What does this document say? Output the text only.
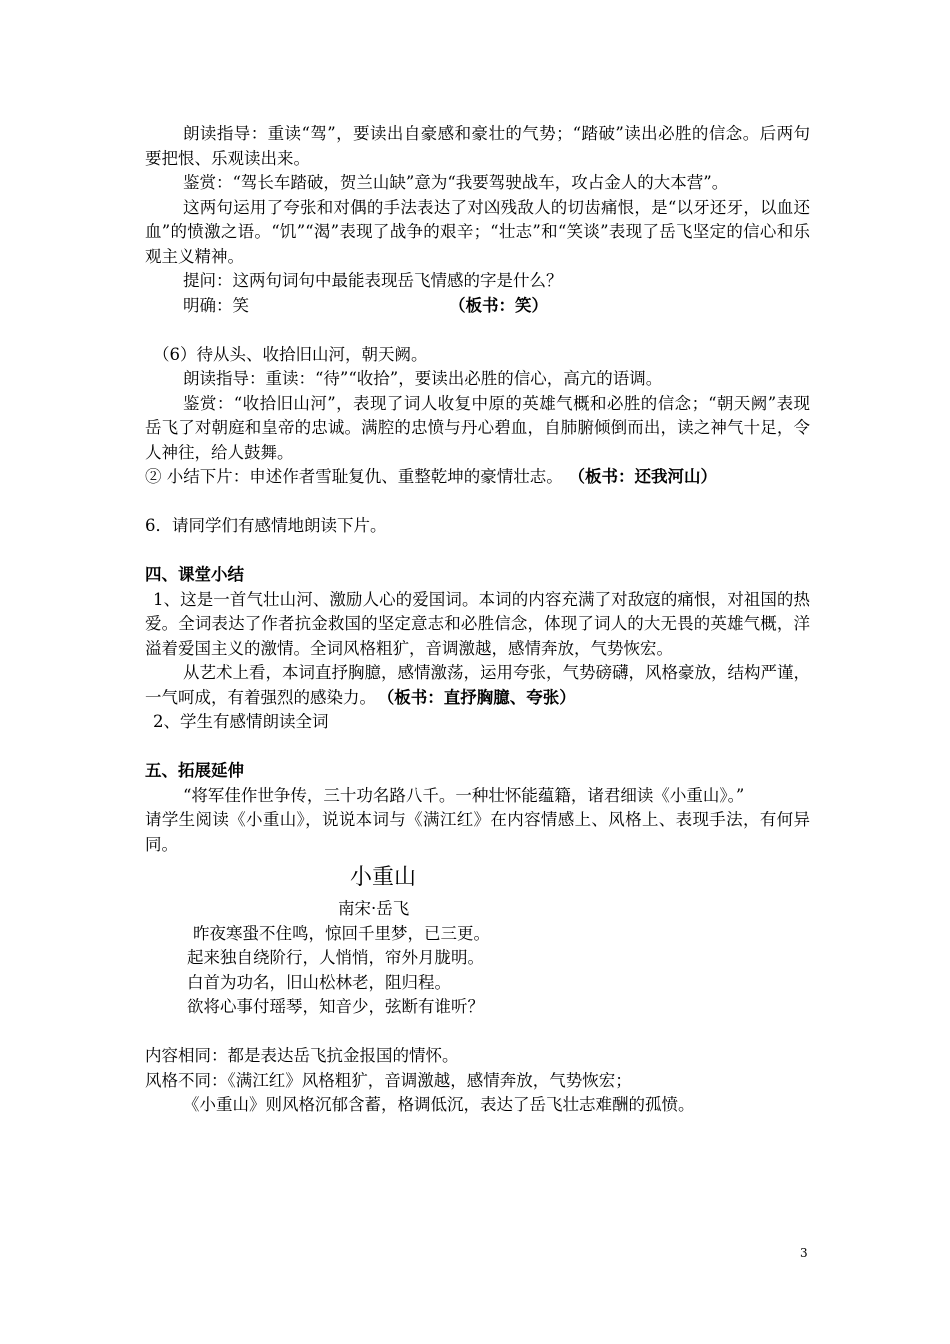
朗读指导：重读“驾”，要读出自豪感和豪壮的气势；“踏破”读出必胜的信念。后两句要把恨、乐观读出来。

鉴赏：“驾长车踏破，贺兰山缺”意为“我要驾驶战车，攻占金人的大本营”。

这两句运用了夸张和对偶的手法表达了对凶残敌人的切齿痛恨，是“以牙还牙，以血还血”的愤激之语。“饥”“渴”表现了战争的艰辛；“壮志”和“笑谈”表现了岳飞坚定的信心和乐观主义精神。

提问：这两句词句中最能表现岳飞情感的字是什么？

明确：笑	（板书：笑）

（6）待从头、收拾旧山河，朝天阙。

朗读指导：重读：“待”“收拾”，要读出必胜的信心，高亢的语调。

鉴赏：“收拾旧山河”，表现了词人收复中原的英雄气概和必胜的信念；“朝天阙”表现岳飞了对朝庭和皇帝的忠诚。满腔的忠愤与丹心碧血，自肺腑倾倒而出，读之神气十足，令人神往，给人鼓舞。

② 小结下片：申述作者雪耻复仇、重整乾坤的豪情壮志。 （板书：还我河山）

6．请同学们有感情地朗读下片。

四、课堂小结

1、这是一首气壮山河、激励人心的爱国词。本词的内容充满了对敌寇的痛恨，对祖国的热爱。全词表达了作者抗金救国的坚定意志和必胜信念，体现了词人的大无畏的英雄气概，洋溢着爱国主义的激情。全词风格粗犷，音调激越，感情奔放，气势恢宏。

从艺术上看，本词直抒胸臆，感情激荡，运用夸张，气势磅礴，风格豪放，结构严谨，一气呵成，有着强烈的感染力。 （板书：直抒胸臆、夸张）

2、学生有感情朗读全词

五、拓展延伸

“将军佳作世争传，三十功名路八千。一种壮怀能蕴籍，诸君细读《小重山》。”

请学生阅读《小重山》，说说本词与《满江红》在内容情感上、风格上、表现手法，有何异同。

小重山

南宋·岳飞

昨夜寒蛩不住鸣，惊回千里梦，已三更。

起来独自绕阶行，人悄悄，帘外月胧明。

白首为功名，旧山松林老，阻归程。

欲将心事付瑶琴，知音少，弦断有谁听？

内容相同：都是表达岳飞抗金报国的情怀。

风格不同：《满江红》风格粗犷，音调激越，感情奔放，气势恢宏；

《小重山》则风格沉郁含蓄，格调低沉，表达了岳飞壮志难酬的孤愤。

3
